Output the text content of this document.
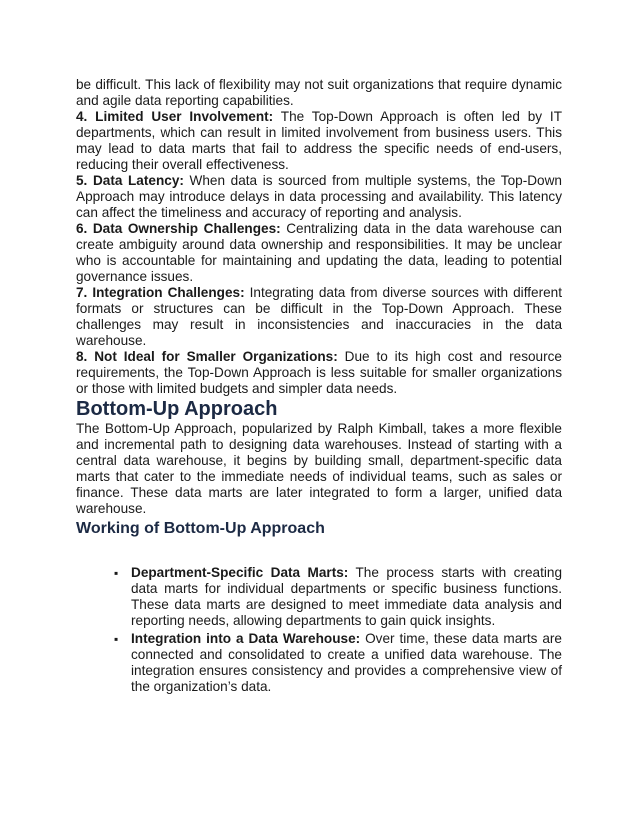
be difficult. This lack of flexibility may not suit organizations that require dynamic and agile data reporting capabilities.

4. Limited User Involvement: The Top-Down Approach is often led by IT departments, which can result in limited involvement from business users. This may lead to data marts that fail to address the specific needs of end-users, reducing their overall effectiveness.

5. Data Latency: When data is sourced from multiple systems, the Top-Down Approach may introduce delays in data processing and availability. This latency can affect the timeliness and accuracy of reporting and analysis.

6. Data Ownership Challenges: Centralizing data in the data warehouse can create ambiguity around data ownership and responsibilities. It may be unclear who is accountable for maintaining and updating the data, leading to potential governance issues.

7. Integration Challenges: Integrating data from diverse sources with different formats or structures can be difficult in the Top-Down Approach. These challenges may result in inconsistencies and inaccuracies in the data warehouse.

8. Not Ideal for Smaller Organizations: Due to its high cost and resource requirements, the Top-Down Approach is less suitable for smaller organizations or those with limited budgets and simpler data needs.

Bottom-Up Approach

The Bottom-Up Approach, popularized by Ralph Kimball, takes a more flexible and incremental path to designing data warehouses. Instead of starting with a central data warehouse, it begins by building small, department-specific data marts that cater to the immediate needs of individual teams, such as sales or finance. These data marts are later integrated to form a larger, unified data warehouse.

Working of Bottom-Up Approach
▪ Department-Specific Data Marts: The process starts with creating data marts for individual departments or specific business functions. These data marts are designed to meet immediate data analysis and reporting needs, allowing departments to gain quick insights.
▪ Integration into a Data Warehouse: Over time, these data marts are connected and consolidated to create a unified data warehouse. The integration ensures consistency and provides a comprehensive view of the organization’s data.
